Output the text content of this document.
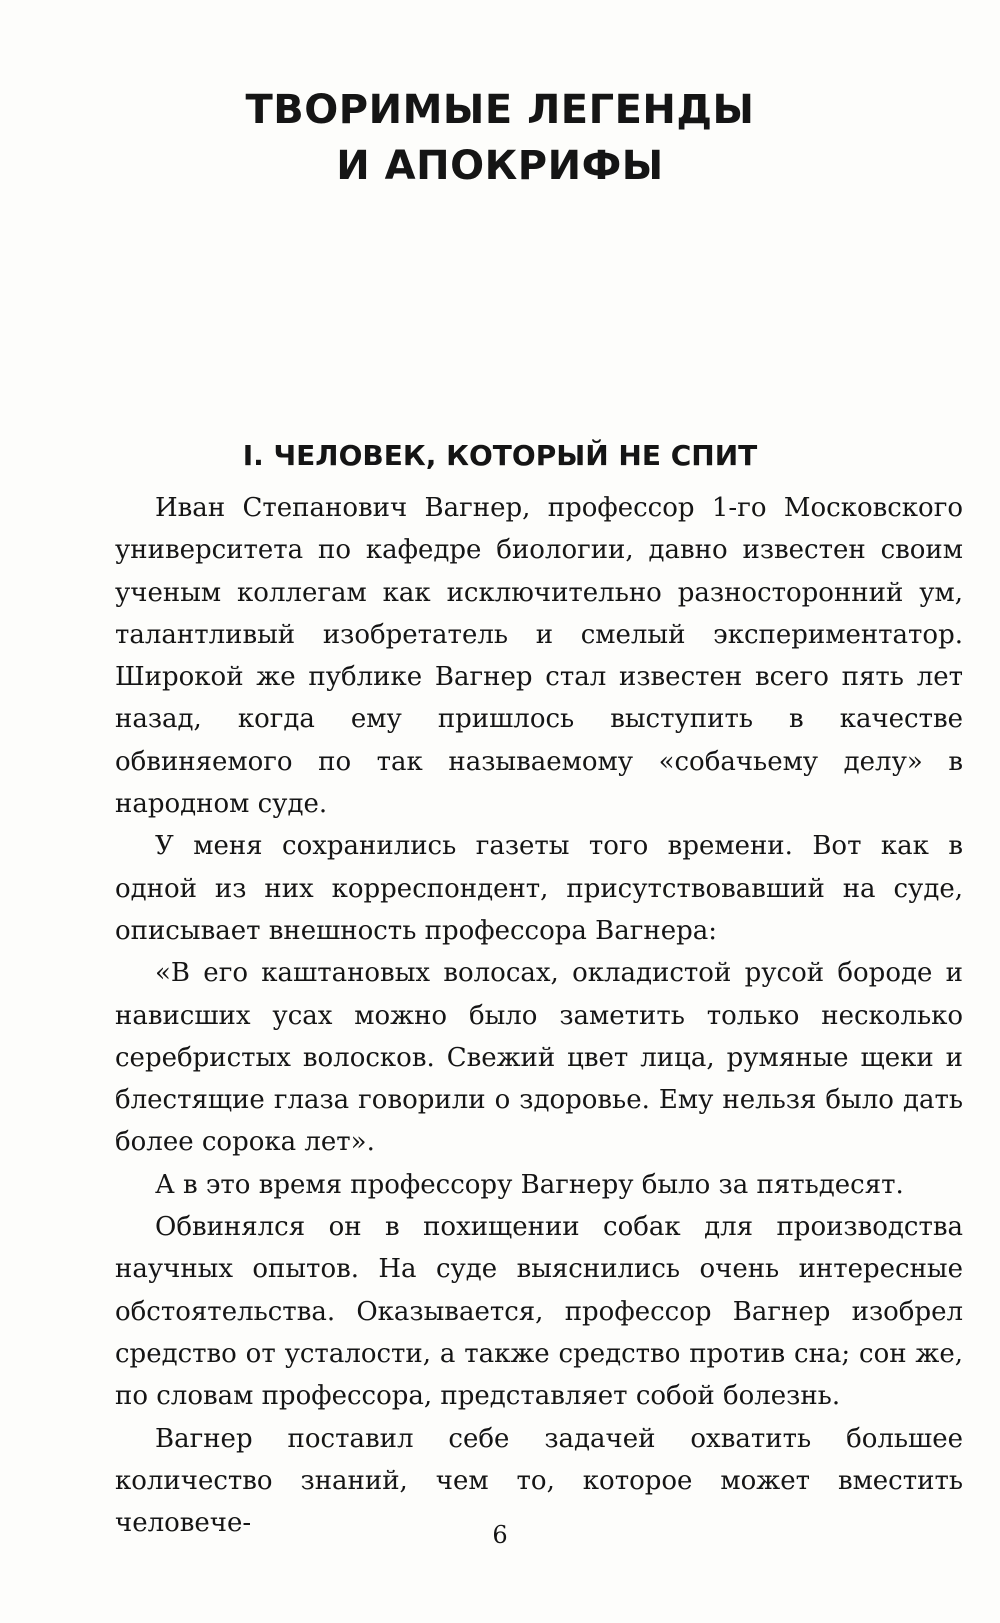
ТВОРИМЫЕ ЛЕГЕНДЫ
И АПОКРИФЫ
I. ЧЕЛОВЕК, КОТОРЫЙ НЕ СПИТ

Иван Степанович Вагнер, профессор 1-го Московского университета по кафедре биологии, давно известен своим ученым коллегам как исключительно разносторонний ум, талантливый изобретатель и смелый экспериментатор. Широкой же публике Вагнер стал известен всего пять лет назад, когда ему пришлось выступить в качестве обвиняемого по так называемому «собачьему делу» в народном суде.

У меня сохранились газеты того времени. Вот как в одной из них корреспондент, присутствовавший на суде, описывает внешность профессора Вагнера:

«В его каштановых волосах, окладистой русой бороде и нависших усах можно было заметить только несколько серебристых волосков. Свежий цвет лица, румяные щеки и блестящие глаза говорили о здоровье. Ему нельзя было дать более сорока лет».

А в это время профессору Вагнеру было за пятьдесят.

Обвинялся он в похищении собак для производства научных опытов. На суде выяснились очень интересные обстоятельства. Оказывается, профессор Вагнер изобрел средство от усталости, а также средство против сна; сон же, по словам профессора, представляет собой болезнь.

Вагнер поставил себе задачей охватить большее количество знаний, чем то, которое может вместить человече-	6
